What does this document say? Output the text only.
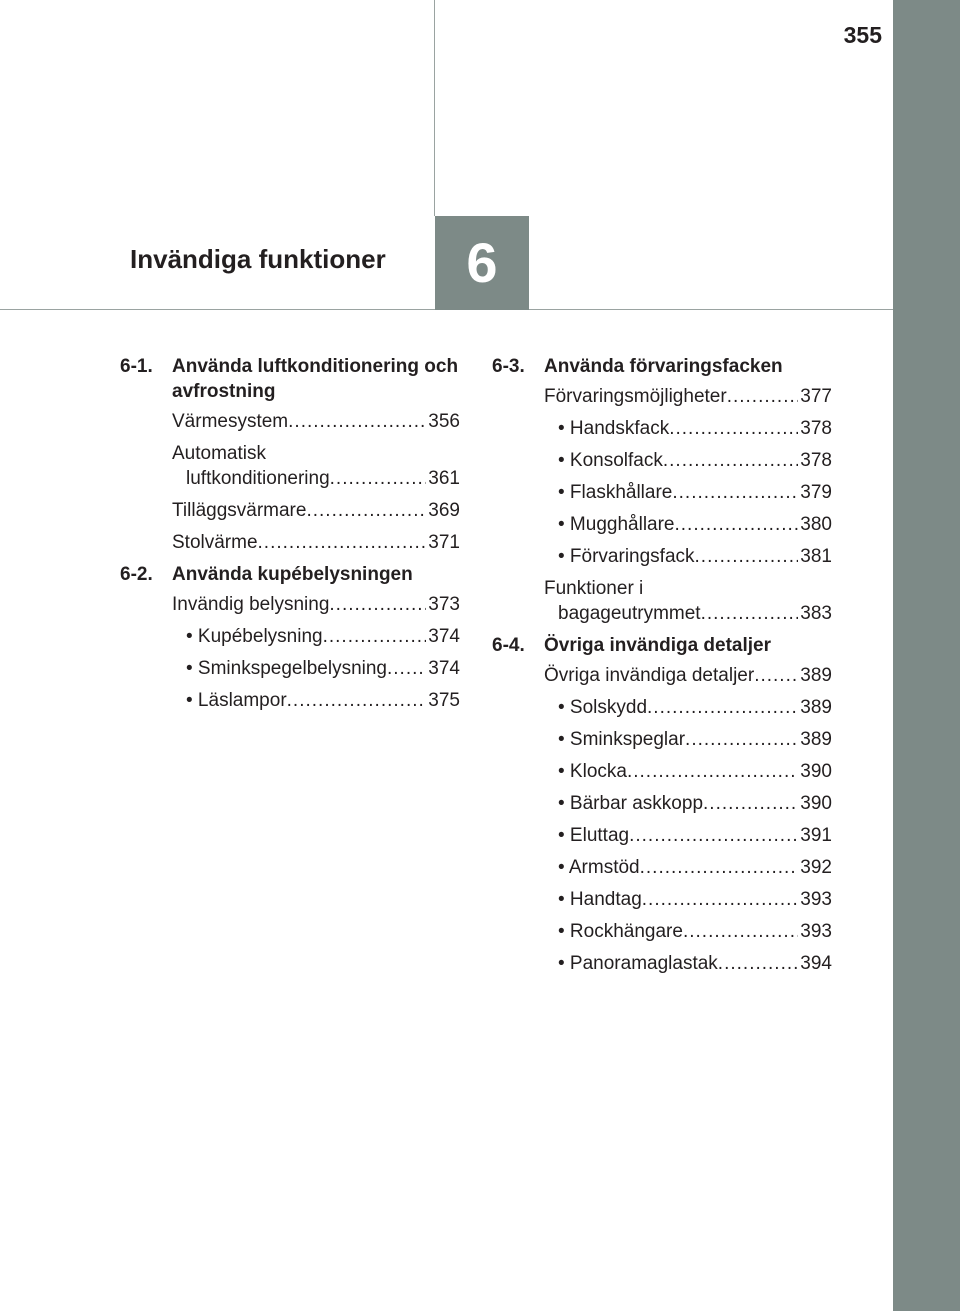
355
Invändiga funktioner	6
6-1.	Använda luftkonditionering och avfrostning
Värmesystem .....	356
Automatisk
luftkonditionering .....	361
Tilläggsvärmare .....	369
Stolvärme .....	371
6-2.	Använda kupébelysningen
Invändig belysning .....	373
• Kupébelysning .....	374
• Sminkspegelbelysning ..... 374
• Läslampor .....	375
6-3.	Använda förvaringsfacken
Förvaringsmöjligheter .....	377
• Handskfack .....	378
• Konsolfack .....	378
• Flaskhållare .....	379
• Mugghållare .....	380
• Förvaringsfack .....	381
Funktioner i
bagageutrymmet .....	383
6-4.	Övriga invändiga detaljer
Övriga invändiga detaljer ..... 389
• Solskydd .....	389
• Sminkspeglar .....	389
• Klocka .....	390
• Bärbar askkopp .....	390
• Eluttag .....	391
• Armstöd .....	392
• Handtag .....	393
• Rockhängare .....	393
• Panoramaglastak .....	394
